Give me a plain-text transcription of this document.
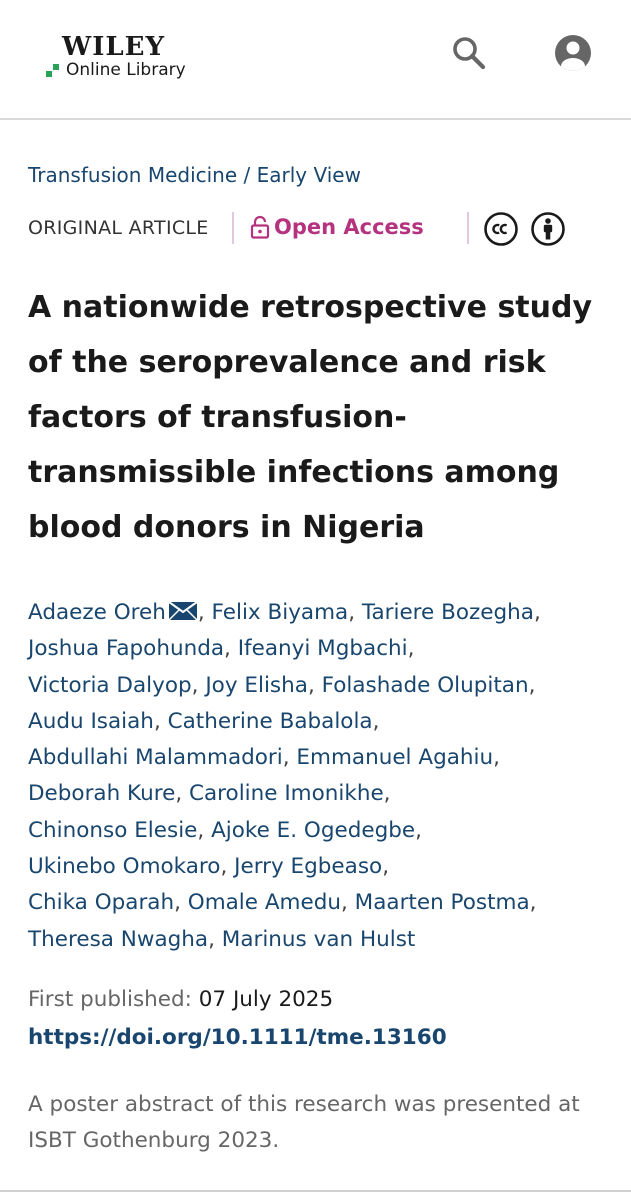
WILEY
Online Library
Transfusion Medicine / Early View
ORIGINAL ARTICLE	Open Access
A nationwide retrospective study of the seroprevalence and risk factors of transfusion-transmissible infections among blood donors in Nigeria
Adaeze Oreh , Felix Biyama, Tariere Bozegha,
Joshua Fapohunda, Ifeanyi Mgbachi,
Victoria Dalyop, Joy Elisha, Folashade Olupitan,
Audu Isaiah, Catherine Babalola,
Abdullahi Malammadori, Emmanuel Agahiu,
Deborah Kure, Caroline Imonikhe,
Chinonso Elesie, Ajoke E. Ogedegbe,
Ukinebo Omokaro, Jerry Egbeaso,
Chika Oparah, Omale Amedu, Maarten Postma,
Theresa Nwagha, Marinus van Hulst
First published: 07 July 2025
https://doi.org/10.1111/tme.13160

A poster abstract of this research was presented at ISBT Gothenburg 2023.
